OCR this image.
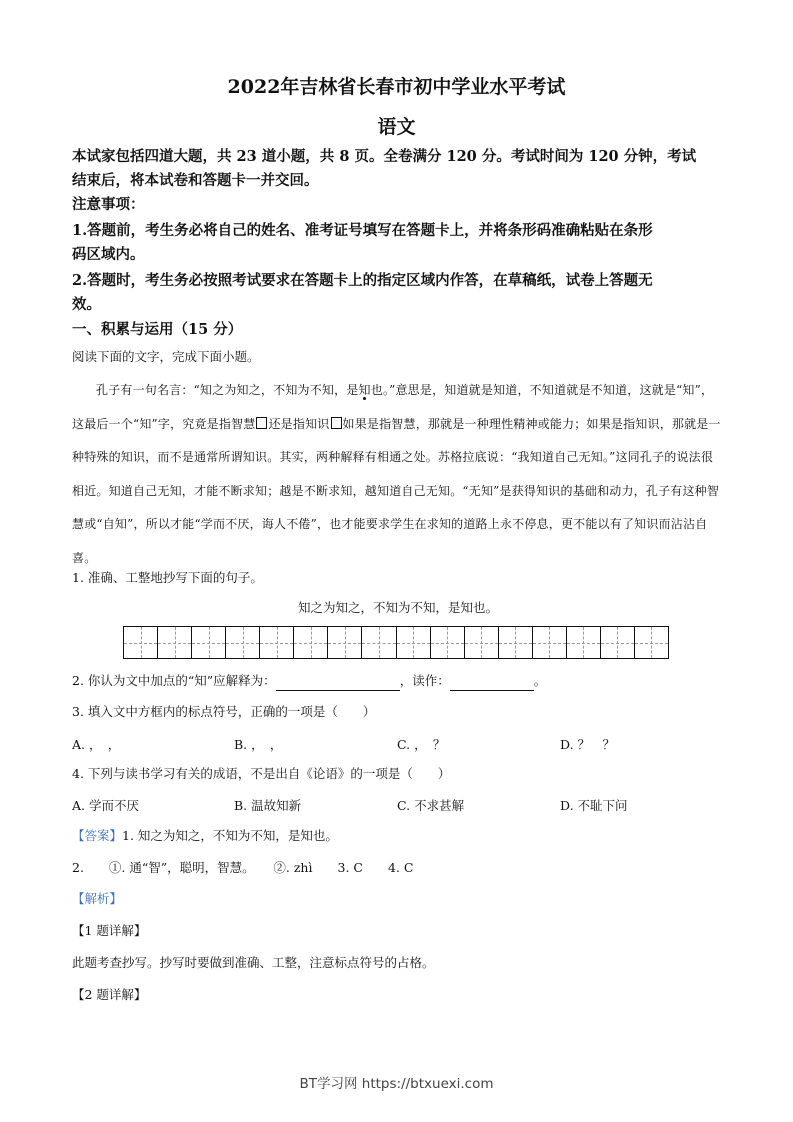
2022年吉林省长春市初中学业水平考试
语文
本试家包括四道大题，共 23 道小题，共 8 页。全卷满分 120 分。考试时间为 120 分钟，考试
结束后，将本试卷和答题卡一并交回。
注意事项：
1.答题前，考生务必将自己的姓名、准考证号填写在答题卡上，并将条形码准确粘贴在条形
码区域内。
2.答题时，考生务必按照考试要求在答题卡上的指定区域内作答，在草稿纸，试卷上答题无
效。
一、积累与运用（15 分）
阅读下面的文字，完成下面小题。
孔子有一句名言：“知之为知之，不知为不知，是知也。”意思是，知道就是知道，不知道就是不知道，这就是“知”，这最后一个“知”字，究竟是指智慧 还是指知识 如果是指智慧，那就是一种理性精神或能力；如果是指知识，那就是一种特殊的知识，而不是通常所谓知识。其实，两种解释有相通之处。苏格拉底说：“我知道自己无知。”这同孔子的说法很相近。知道自己无知，才能不断求知；越是不断求知，越知道自己无知。“无知”是获得知识的基础和动力，孔子有这种智慧或“自知”，所以才能“学而不厌，诲人不倦”，也才能要求学生在求知的道路上永不停息，更不能以有了知识而沾沾自喜。
1. 准确、工整地抄写下面的句子。
知之为知之，不知为不知，是知也。
2. 你认为文中加点的“知”应解释为：	，读作：	。
3. 填入文中方框内的标点符号，正确的一项是（　　）
A. ，　，	B. ，　，	C. ，　？	D. ？　？
4. 下列与读书学习有关的成语，不是出自《论语》的一项是（　　）
A. 学而不厌	B. 温故知新	C. 不求甚解	D. 不耻下问
【答案】1. 知之为知之，不知为不知，是知也。
2.　　①. 通“智”，聪明，智慧。　　②. zhì　　3. C　　4. C
【解析】
【1 题详解】
此题考查抄写。抄写时要做到准确、工整，注意标点符号的占格。
【2 题详解】
BT学习网 https://btxuexi.com
